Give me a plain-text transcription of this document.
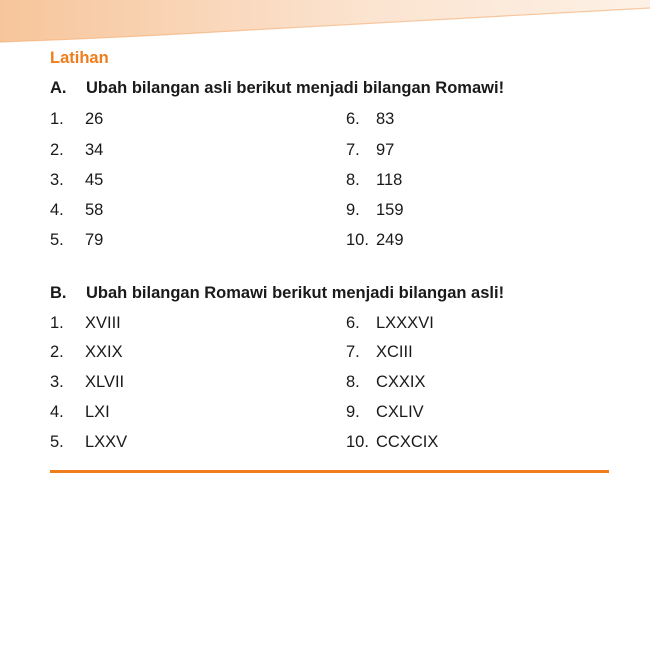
Latihan
A. Ubah bilangan asli berikut menjadi bilangan Romawi!
1. 26
2. 34
3. 45
4. 58
5. 79
6. 83
7. 97
8. 118
9. 159
10. 249
B. Ubah bilangan Romawi berikut menjadi bilangan asli!
1. XVIII
2. XXIX
3. XLVII
4. LXI
5. LXXV
6. LXXXVI
7. XCIII
8. CXXIX
9. CXLIV
10. CCXCIX
